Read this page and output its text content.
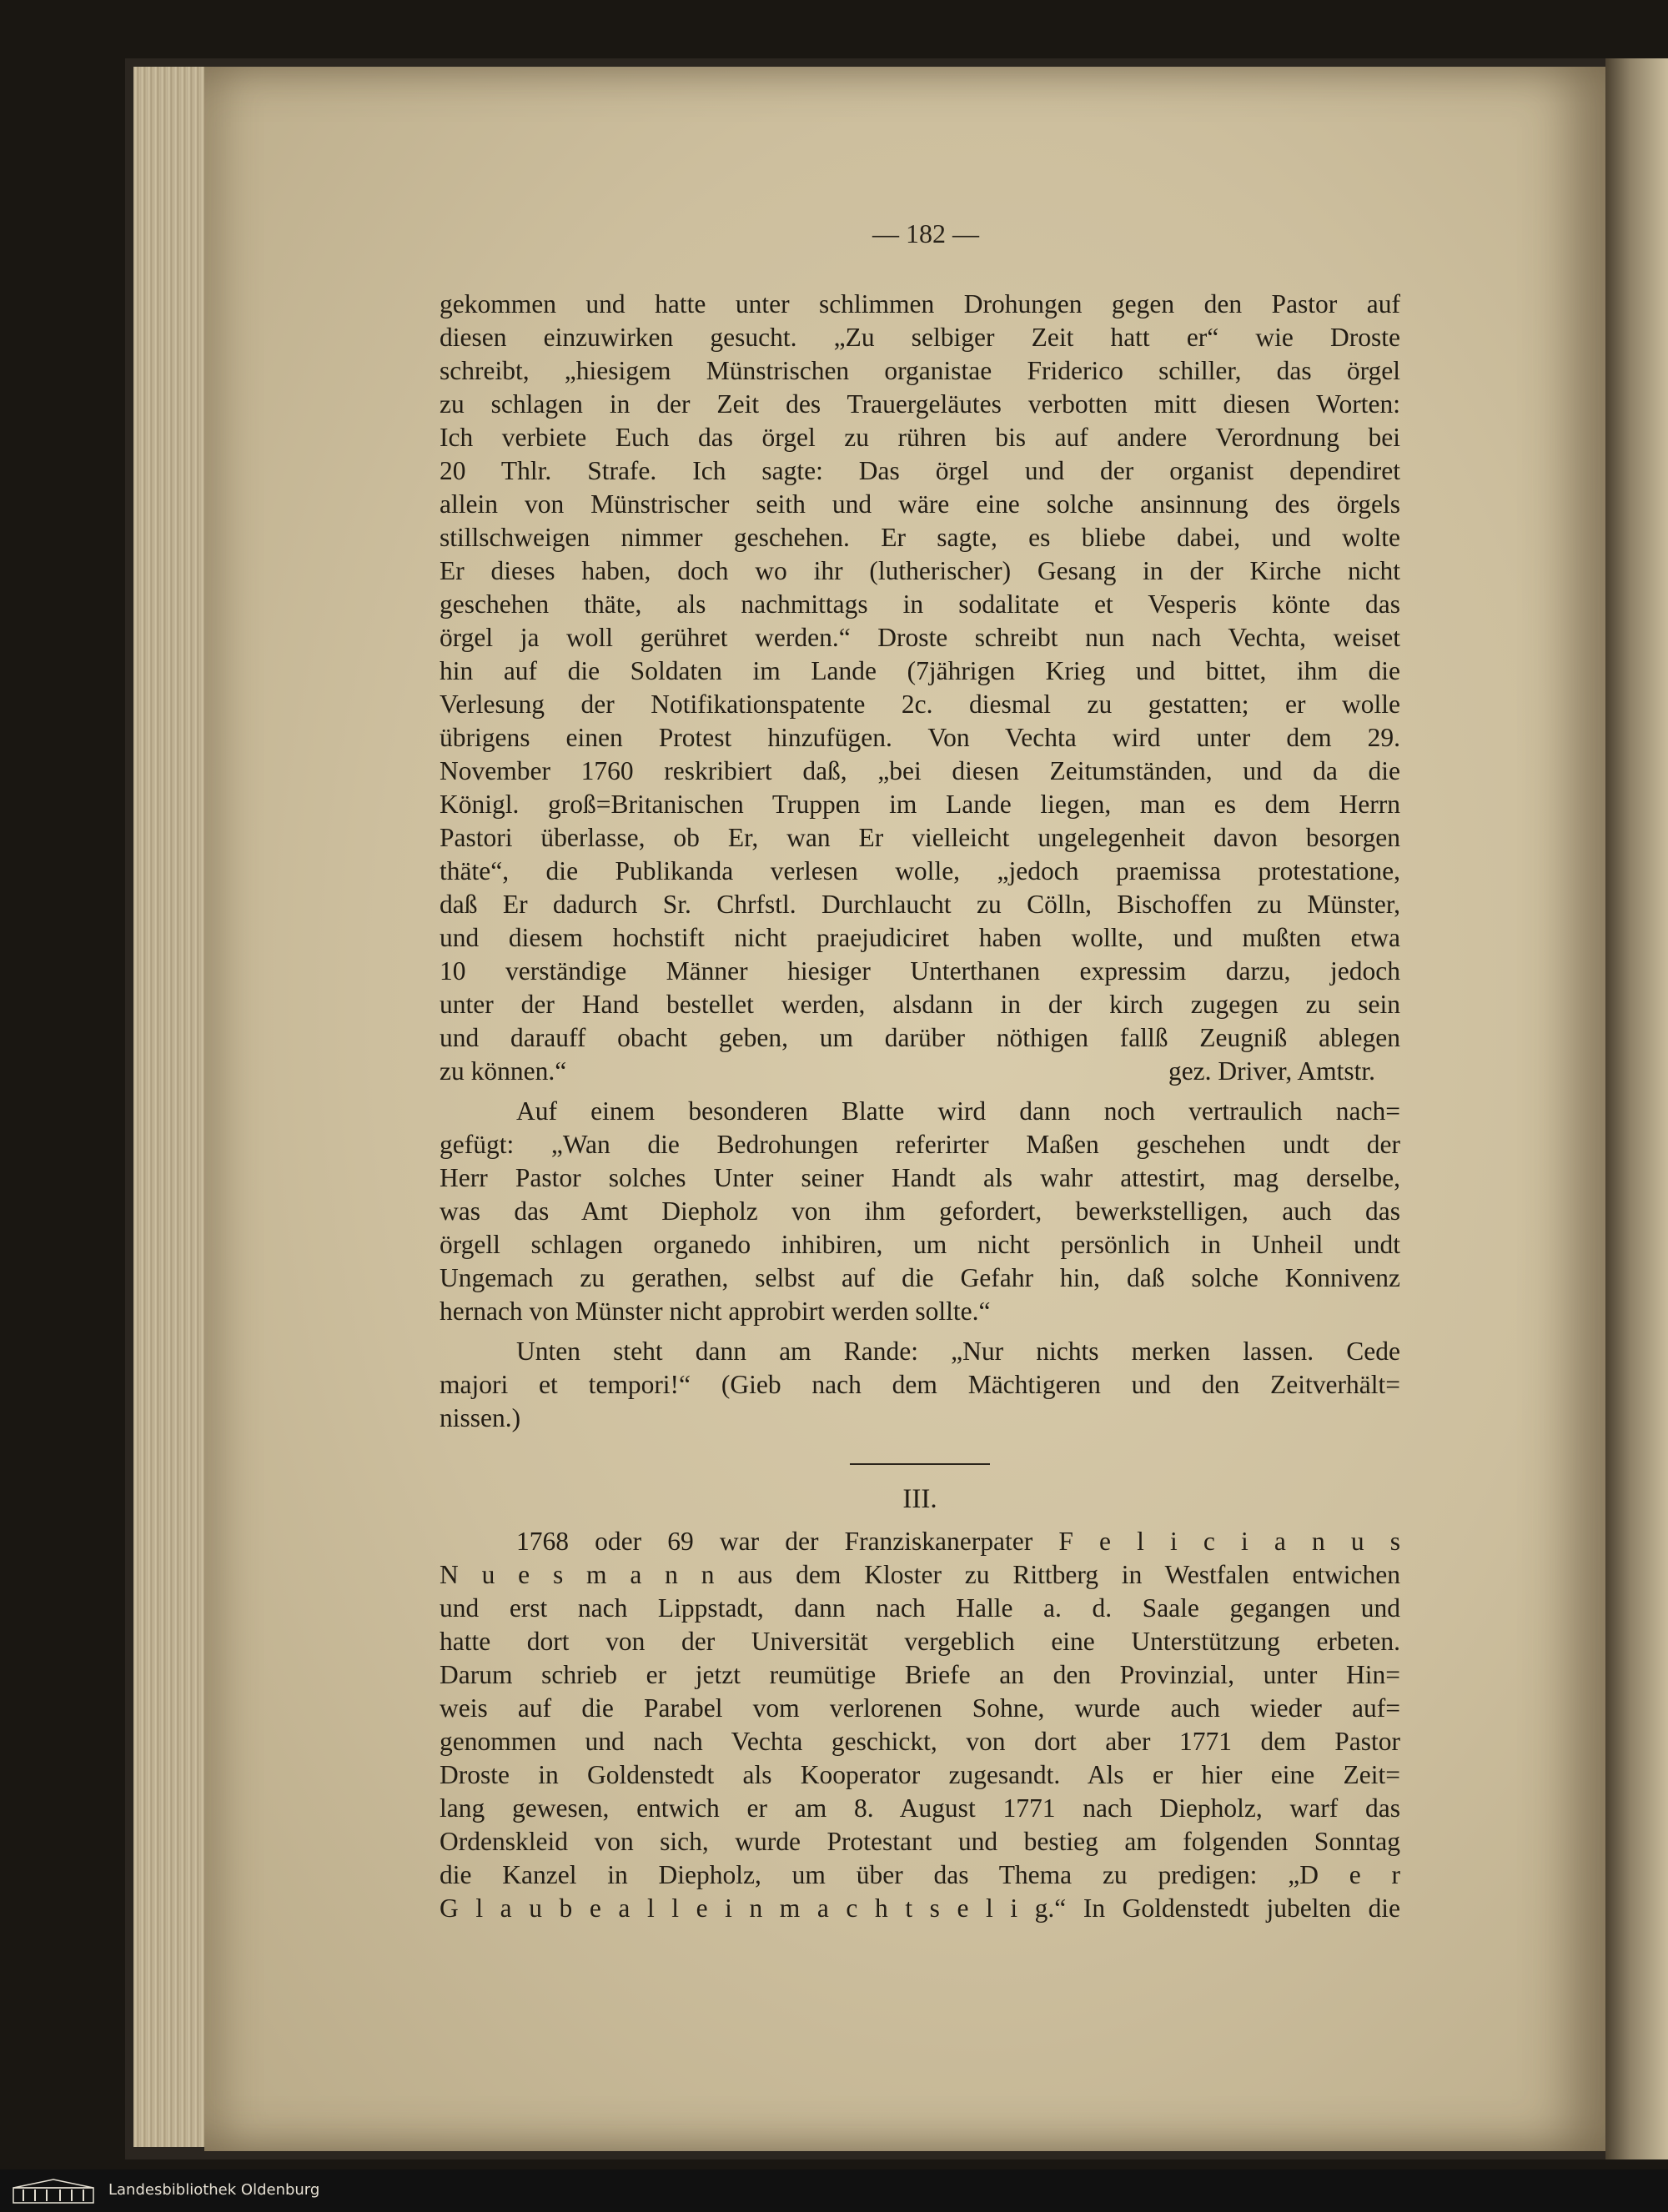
— 182 —
gekommen und hatte unter schlimmen Drohungen gegen den Pastor auf
diesen einzuwirken gesucht. „Zu selbiger Zeit hatt er“ wie Droste
schreibt, „hiesigem Münstrischen organistae Friderico schiller, das örgel
zu schlagen in der Zeit des Trauergeläutes verbotten mitt diesen Worten:
Ich verbiete Euch das örgel zu rühren bis auf andere Verordnung bei
20 Thlr. Strafe. Ich sagte: Das örgel und der organist dependiret
allein von Münstrischer seith und wäre eine solche ansinnung des örgels
stillschweigen nimmer geschehen. Er sagte, es bliebe dabei, und wolte
Er dieses haben, doch wo ihr (lutherischer) Gesang in der Kirche nicht
geschehen thäte, als nachmittags in sodalitate et Vesperis könte das
örgel ja woll gerühret werden.“ Droste schreibt nun nach Vechta, weiset
hin auf die Soldaten im Lande (7jährigen Krieg und bittet, ihm die
Verlesung der Notifikationspatente 2c. diesmal zu gestatten; er wolle
übrigens einen Protest hinzufügen. Von Vechta wird unter dem 29.
November 1760 reskribiert daß, „bei diesen Zeitumständen, und da die
Königl. groß=Britanischen Truppen im Lande liegen, man es dem Herrn
Pastori überlasse, ob Er, wan Er vielleicht ungelegenheit davon besorgen
thäte“, die Publikanda verlesen wolle, „jedoch praemissa protestatione,
daß Er dadurch Sr. Chrfstl. Durchlaucht zu Cölln, Bischoffen zu Münster,
und diesem hochstift nicht praejudiciret haben wollte, und mußten etwa
10 verständige Männer hiesiger Unterthanen expressim darzu, jedoch
unter der Hand bestellet werden, alsdann in der kirch zugegen zu sein
und darauff obacht geben, um darüber nöthigen fallß Zeugniß ablegen
zu können.“	gez. Driver, Amtstr.
Auf einem besonderen Blatte wird dann noch vertraulich nach=
gefügt: „Wan die Bedrohungen referirter Maßen geschehen undt der
Herr Pastor solches Unter seiner Handt als wahr attestirt, mag derselbe,
was das Amt Diepholz von ihm gefordert, bewerkstelligen, auch das
örgell schlagen organedo inhibiren, um nicht persönlich in Unheil undt
Ungemach zu gerathen, selbst auf die Gefahr hin, daß solche Konnivenz
hernach von Münster nicht approbirt werden sollte.“
Unten steht dann am Rande: „Nur nichts merken lassen. Cede
majori et tempori!“ (Gieb nach dem Mächtigeren und den Zeitverhält=
nissen.)
III.
1768 oder 69 war der Franziskanerpater F e l i c i a n u s
N u e s m a n n aus dem Kloster zu Rittberg in Westfalen entwichen
und erst nach Lippstadt, dann nach Halle a. d. Saale gegangen und
hatte dort von der Universität vergeblich eine Unterstützung erbeten.
Darum schrieb er jetzt reumütige Briefe an den Provinzial, unter Hin=
weis auf die Parabel vom verlorenen Sohne, wurde auch wieder auf=
genommen und nach Vechta geschickt, von dort aber 1771 dem Pastor
Droste in Goldenstedt als Kooperator zugesandt. Als er hier eine Zeit=
lang gewesen, entwich er am 8. August 1771 nach Diepholz, warf das
Ordenskleid von sich, wurde Protestant und bestieg am folgenden Sonntag
die Kanzel in Diepholz, um über das Thema zu predigen: „D e r
G l a u b e a l l e i n m a c h t s e l i g.“ In Goldenstedt jubelten die
Landesbibliothek Oldenburg
